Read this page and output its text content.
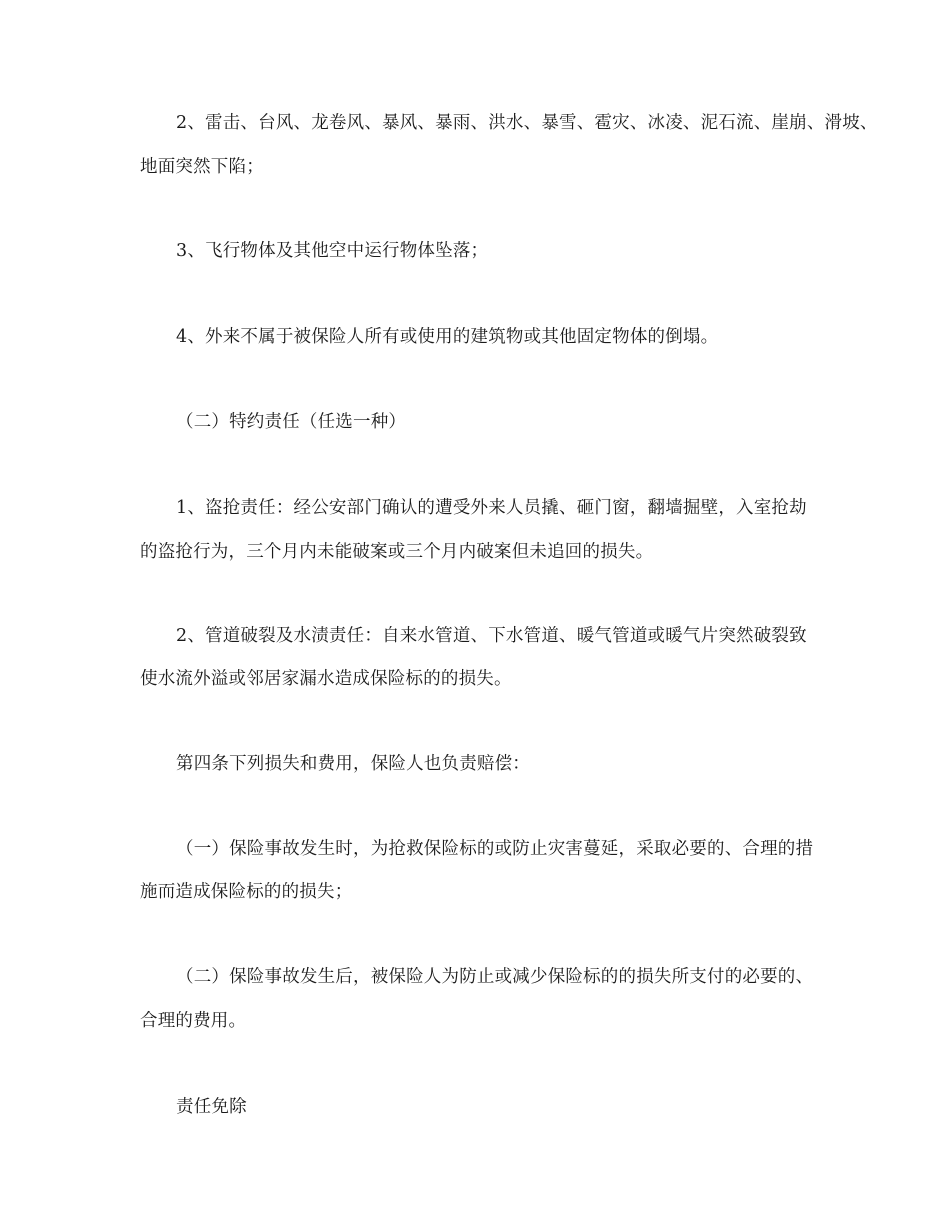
2、雷击、台风、龙卷风、暴风、暴雨、洪水、暴雪、雹灾、冰凌、泥石流、崖崩、滑坡、
地面突然下陷；
3、飞行物体及其他空中运行物体坠落；
4、外来不属于被保险人所有或使用的建筑物或其他固定物体的倒塌。
（二）特约责任（任选一种）
1、盗抢责任：经公安部门确认的遭受外来人员撬、砸门窗，翻墙掘壁，入室抢劫
的盗抢行为，三个月内未能破案或三个月内破案但未追回的损失。
2、管道破裂及水渍责任：自来水管道、下水管道、暖气管道或暖气片突然破裂致
使水流外溢或邻居家漏水造成保险标的的损失。
第四条下列损失和费用，保险人也负责赔偿：
（一）保险事故发生时，为抢救保险标的或防止灾害蔓延，采取必要的、合理的措
施而造成保险标的的损失；
（二）保险事故发生后，被保险人为防止或减少保险标的的损失所支付的必要的、
合理的费用。
责任免除
